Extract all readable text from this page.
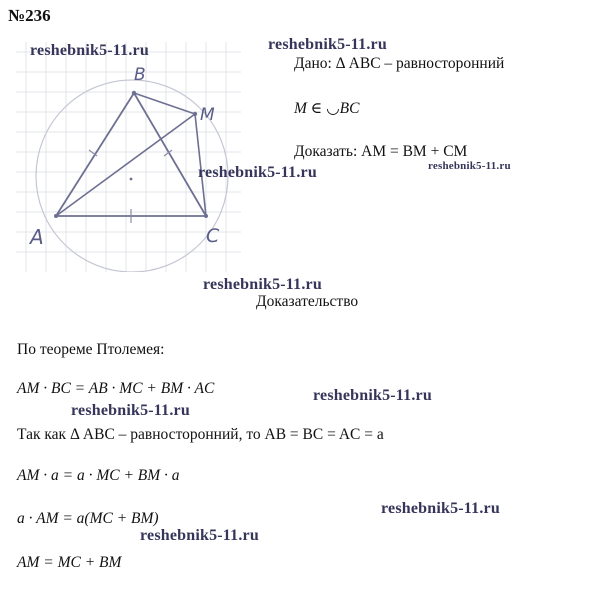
№236
B
M
A	C
Дано: Δ ABC – равносторонний
M ∈ ◡BC
Доказать: AM = BM + CM
Доказательство
По теореме Птолемея:
AM · BC = AB · MC + BM · AC
Так как Δ ABC – равносторонний, то AB = BC = AC = a
AM · a = a · MC + BM · a
a · AM = a(MC + BM)
AM = MC + BM
reshebnik5-11.ru	reshebnik5-11.ru
reshebnik5-11.ru	reshebnik5-11.ru
reshebnik5-11.ru
reshebnik5-11.ru
reshebnik5-11.ru
reshebnik5-11.ru
reshebnik5-11.ru
